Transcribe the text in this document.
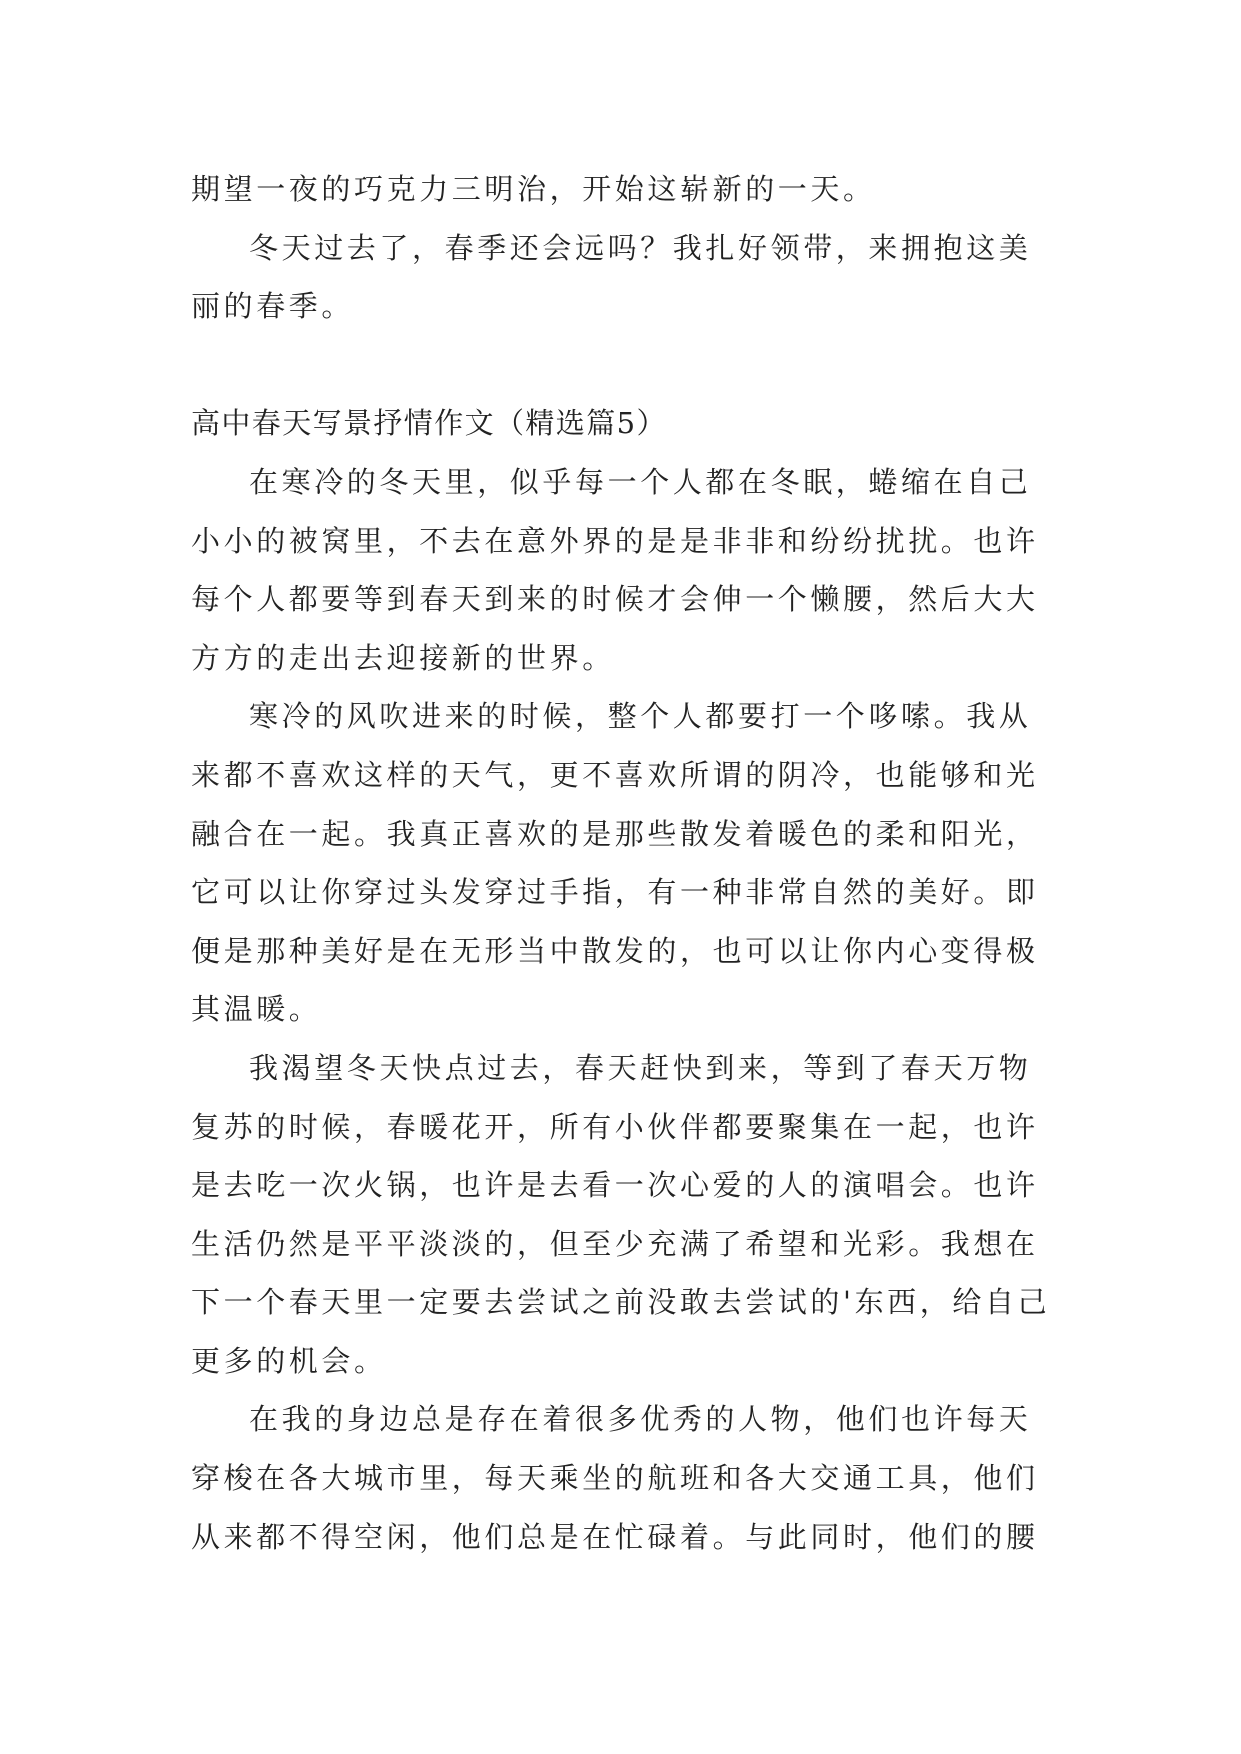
期望一夜的巧克力三明治，开始这崭新的一天。

冬天过去了，春季还会远吗？我扎好领带，来拥抱这美丽的春季。

高中春天写景抒情作文（精选篇5）

在寒冷的冬天里，似乎每一个人都在冬眠，蜷缩在自己小小的被窝里，不去在意外界的是是非非和纷纷扰扰。也许每个人都要等到春天到来的时候才会伸一个懒腰，然后大大方方的走出去迎接新的世界。

寒冷的风吹进来的时候，整个人都要打一个哆嗦。我从来都不喜欢这样的天气，更不喜欢所谓的阴冷，也能够和光融合在一起。我真正喜欢的是那些散发着暖色的柔和阳光，它可以让你穿过头发穿过手指，有一种非常自然的美好。即便是那种美好是在无形当中散发的，也可以让你内心变得极其温暖。

我渴望冬天快点过去，春天赶快到来，等到了春天万物复苏的时候，春暖花开，所有小伙伴都要聚集在一起，也许是去吃一次火锅，也许是去看一次心爱的人的演唱会。也许生活仍然是平平淡淡的，但至少充满了希望和光彩。我想在下一个春天里一定要去尝试之前没敢去尝试的'东西，给自己更多的机会。

在我的身边总是存在着很多优秀的人物，他们也许每天穿梭在各大城市里，每天乘坐的航班和各大交通工具，他们从来都不得空闲，他们总是在忙碌着。与此同时，他们的腰
